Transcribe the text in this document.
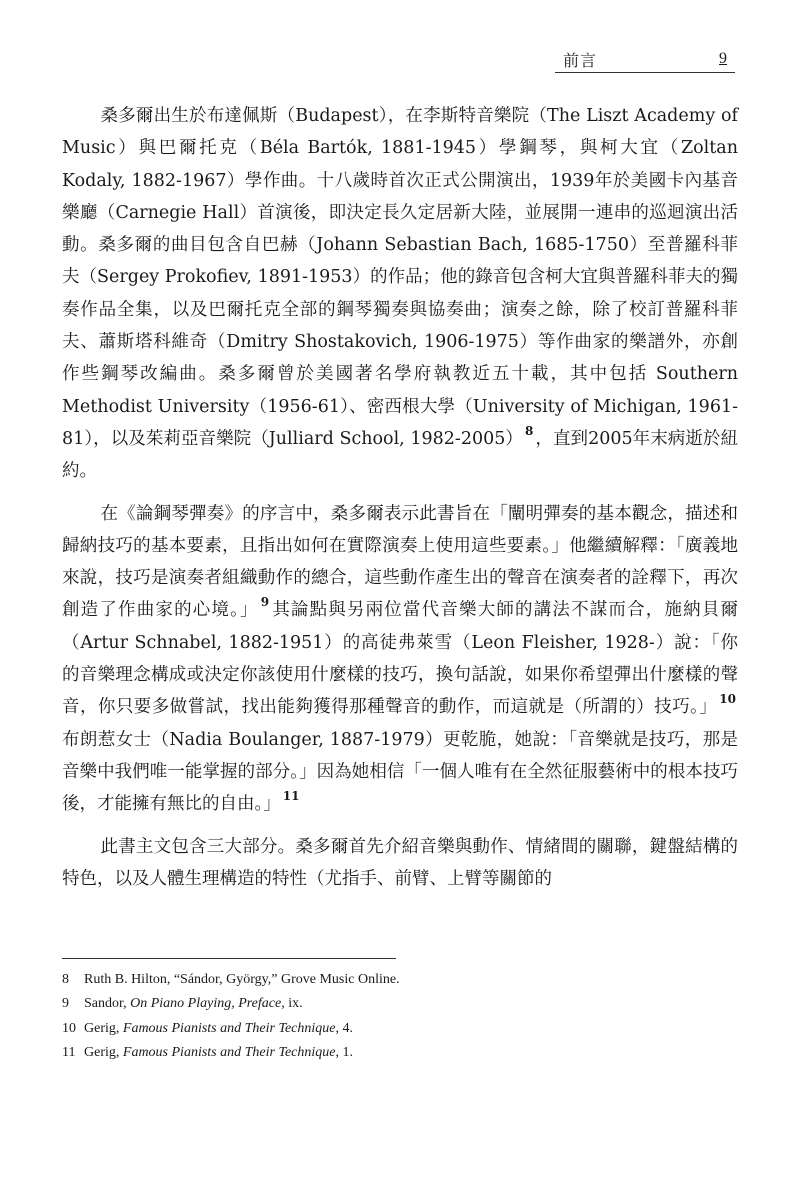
前言	9

桑多爾出生於布達佩斯（Budapest），在李斯特音樂院（The Liszt Academy of Music）與巴爾托克（Béla Bartók, 1881-1945）學鋼琴，與柯大宜（Zoltan Kodaly, 1882-1967）學作曲。十八歲時首次正式公開演出，1939年於美國卡內基音樂廳（Carnegie Hall）首演後，即決定長久定居新大陸，並展開一連串的巡迴演出活動。桑多爾的曲目包含自巴赫（Johann Sebastian Bach, 1685-1750）至普羅科菲夫（Sergey Prokofiev, 1891-1953）的作品；他的錄音包含柯大宜與普羅科菲夫的獨奏作品全集，以及巴爾托克全部的鋼琴獨奏與協奏曲；演奏之餘，除了校訂普羅科菲夫、蕭斯塔科維奇（Dmitry Shostakovich, 1906-1975）等作曲家的樂譜外，亦創作些鋼琴改編曲。桑多爾曾於美國著名學府執教近五十載，其中包括 Southern Methodist University（1956-61）、密西根大學（University of Michigan, 1961-81），以及茱莉亞音樂院（Julliard School, 1982-2005） $^8$ ，直到2005年末病逝於紐約。

在《論鋼琴彈奏》的序言中，桑多爾表示此書旨在「闡明彈奏的基本觀念，描述和歸納技巧的基本要素，且指出如何在實際演奏上使用這些要素。」他繼續解釋：「廣義地來說，技巧是演奏者組織動作的總合，這些動作產生出的聲音在演奏者的詮釋下，再次創造了作曲家的心境。」 $^9$ 其論點與另兩位當代音樂大師的講法不謀而合，施納貝爾（Artur Schnabel, 1882-1951）的高徒弗萊雪（Leon Fleisher, 1928-）說：「你的音樂理念構成或決定你該使用什麼樣的技巧，換句話說，如果你希望彈出什麼樣的聲音，你只要多做嘗試，找出能夠獲得那種聲音的動作，而這就是（所謂的）技巧。」 $^{10}$布朗惹女士（Nadia Boulanger, 1887-1979）更乾脆，她說：「音樂就是技巧，那是音樂中我們唯一能掌握的部分。」因為她相信「一個人唯有在全然征服藝術中的根本技巧後，才能擁有無比的自由。」 $^{11}$

此書主文包含三大部分。桑多爾首先介紹音樂與動作、情緒間的關聯，鍵盤結構的特色，以及人體生理構造的特性（尤指手、前臂、上臂等關節的

8 Ruth B. Hilton, “Sándor, György,” Grove Music Online.
9 Sandor, On Piano Playing, Preface, ix.
10 Gerig, Famous Pianists and Their Technique, 4.
11 Gerig, Famous Pianists and Their Technique, 1.
